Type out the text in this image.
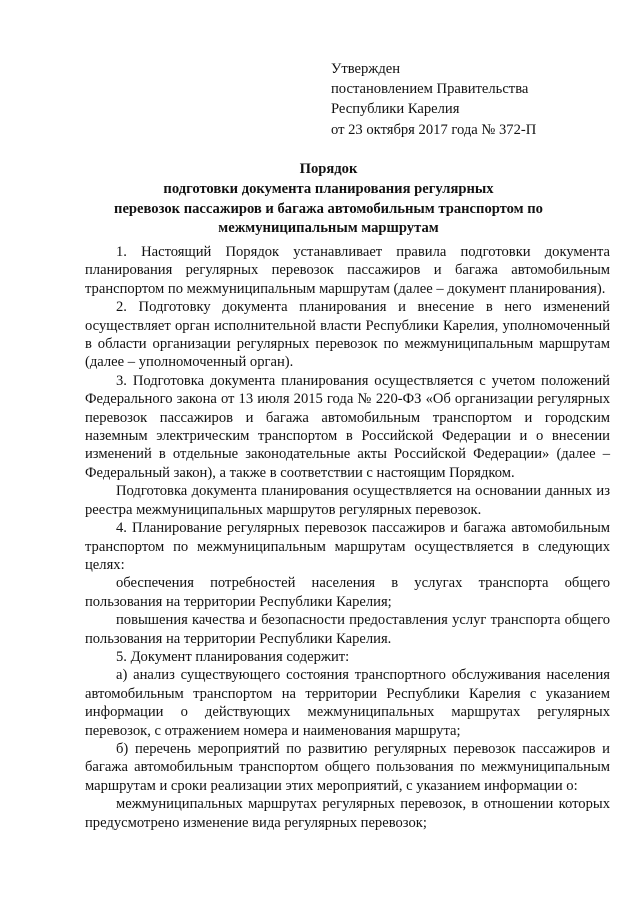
Утвержден
постановлением Правительства
Республики Карелия
от 23 октября 2017 года № 372-П
Порядок
подготовки документа планирования регулярных
перевозок пассажиров и багажа автомобильным транспортом по
межмуниципальным маршрутам

1. Настоящий Порядок устанавливает правила подготовки документа планирования регулярных перевозок пассажиров и багажа автомобильным транспортом по межмуниципальным маршрутам (далее – документ планирования).

2. Подготовку документа планирования и внесение в него изменений осуществляет орган исполнительной власти Республики Карелия, уполномоченный в области организации регулярных перевозок по межмуниципальным маршрутам (далее – уполномоченный орган).

3. Подготовка документа планирования осуществляется с учетом положений Федерального закона от 13 июля 2015 года № 220-ФЗ «Об организации регулярных перевозок пассажиров и багажа автомобильным транспортом и городским наземным электрическим транспортом в Российской Федерации и о внесении изменений в отдельные законодательные акты Российской Федерации» (далее – Федеральный закон), а также в соответствии с настоящим Порядком.

Подготовка документа планирования осуществляется на основании данных из реестра межмуниципальных маршрутов регулярных перевозок.

4. Планирование регулярных перевозок пассажиров и багажа автомобильным транспортом по межмуниципальным маршрутам осуществляется в следующих целях:

обеспечения потребностей населения в услугах транспорта общего пользования на территории Республики Карелия;

повышения качества и безопасности предоставления услуг транспорта общего пользования на территории Республики Карелия.

5. Документ планирования содержит:

а) анализ существующего состояния транспортного обслуживания населения автомобильным транспортом на территории Республики Карелия с указанием информации о действующих межмуниципальных маршрутах регулярных перевозок, с отражением номера и наименования маршрута;

б) перечень мероприятий по развитию регулярных перевозок пассажиров и багажа автомобильным транспортом общего пользования по межмуниципальным маршрутам и сроки реализации этих мероприятий, с указанием информации о:

межмуниципальных маршрутах регулярных перевозок, в отношении которых предусмотрено изменение вида регулярных перевозок;
